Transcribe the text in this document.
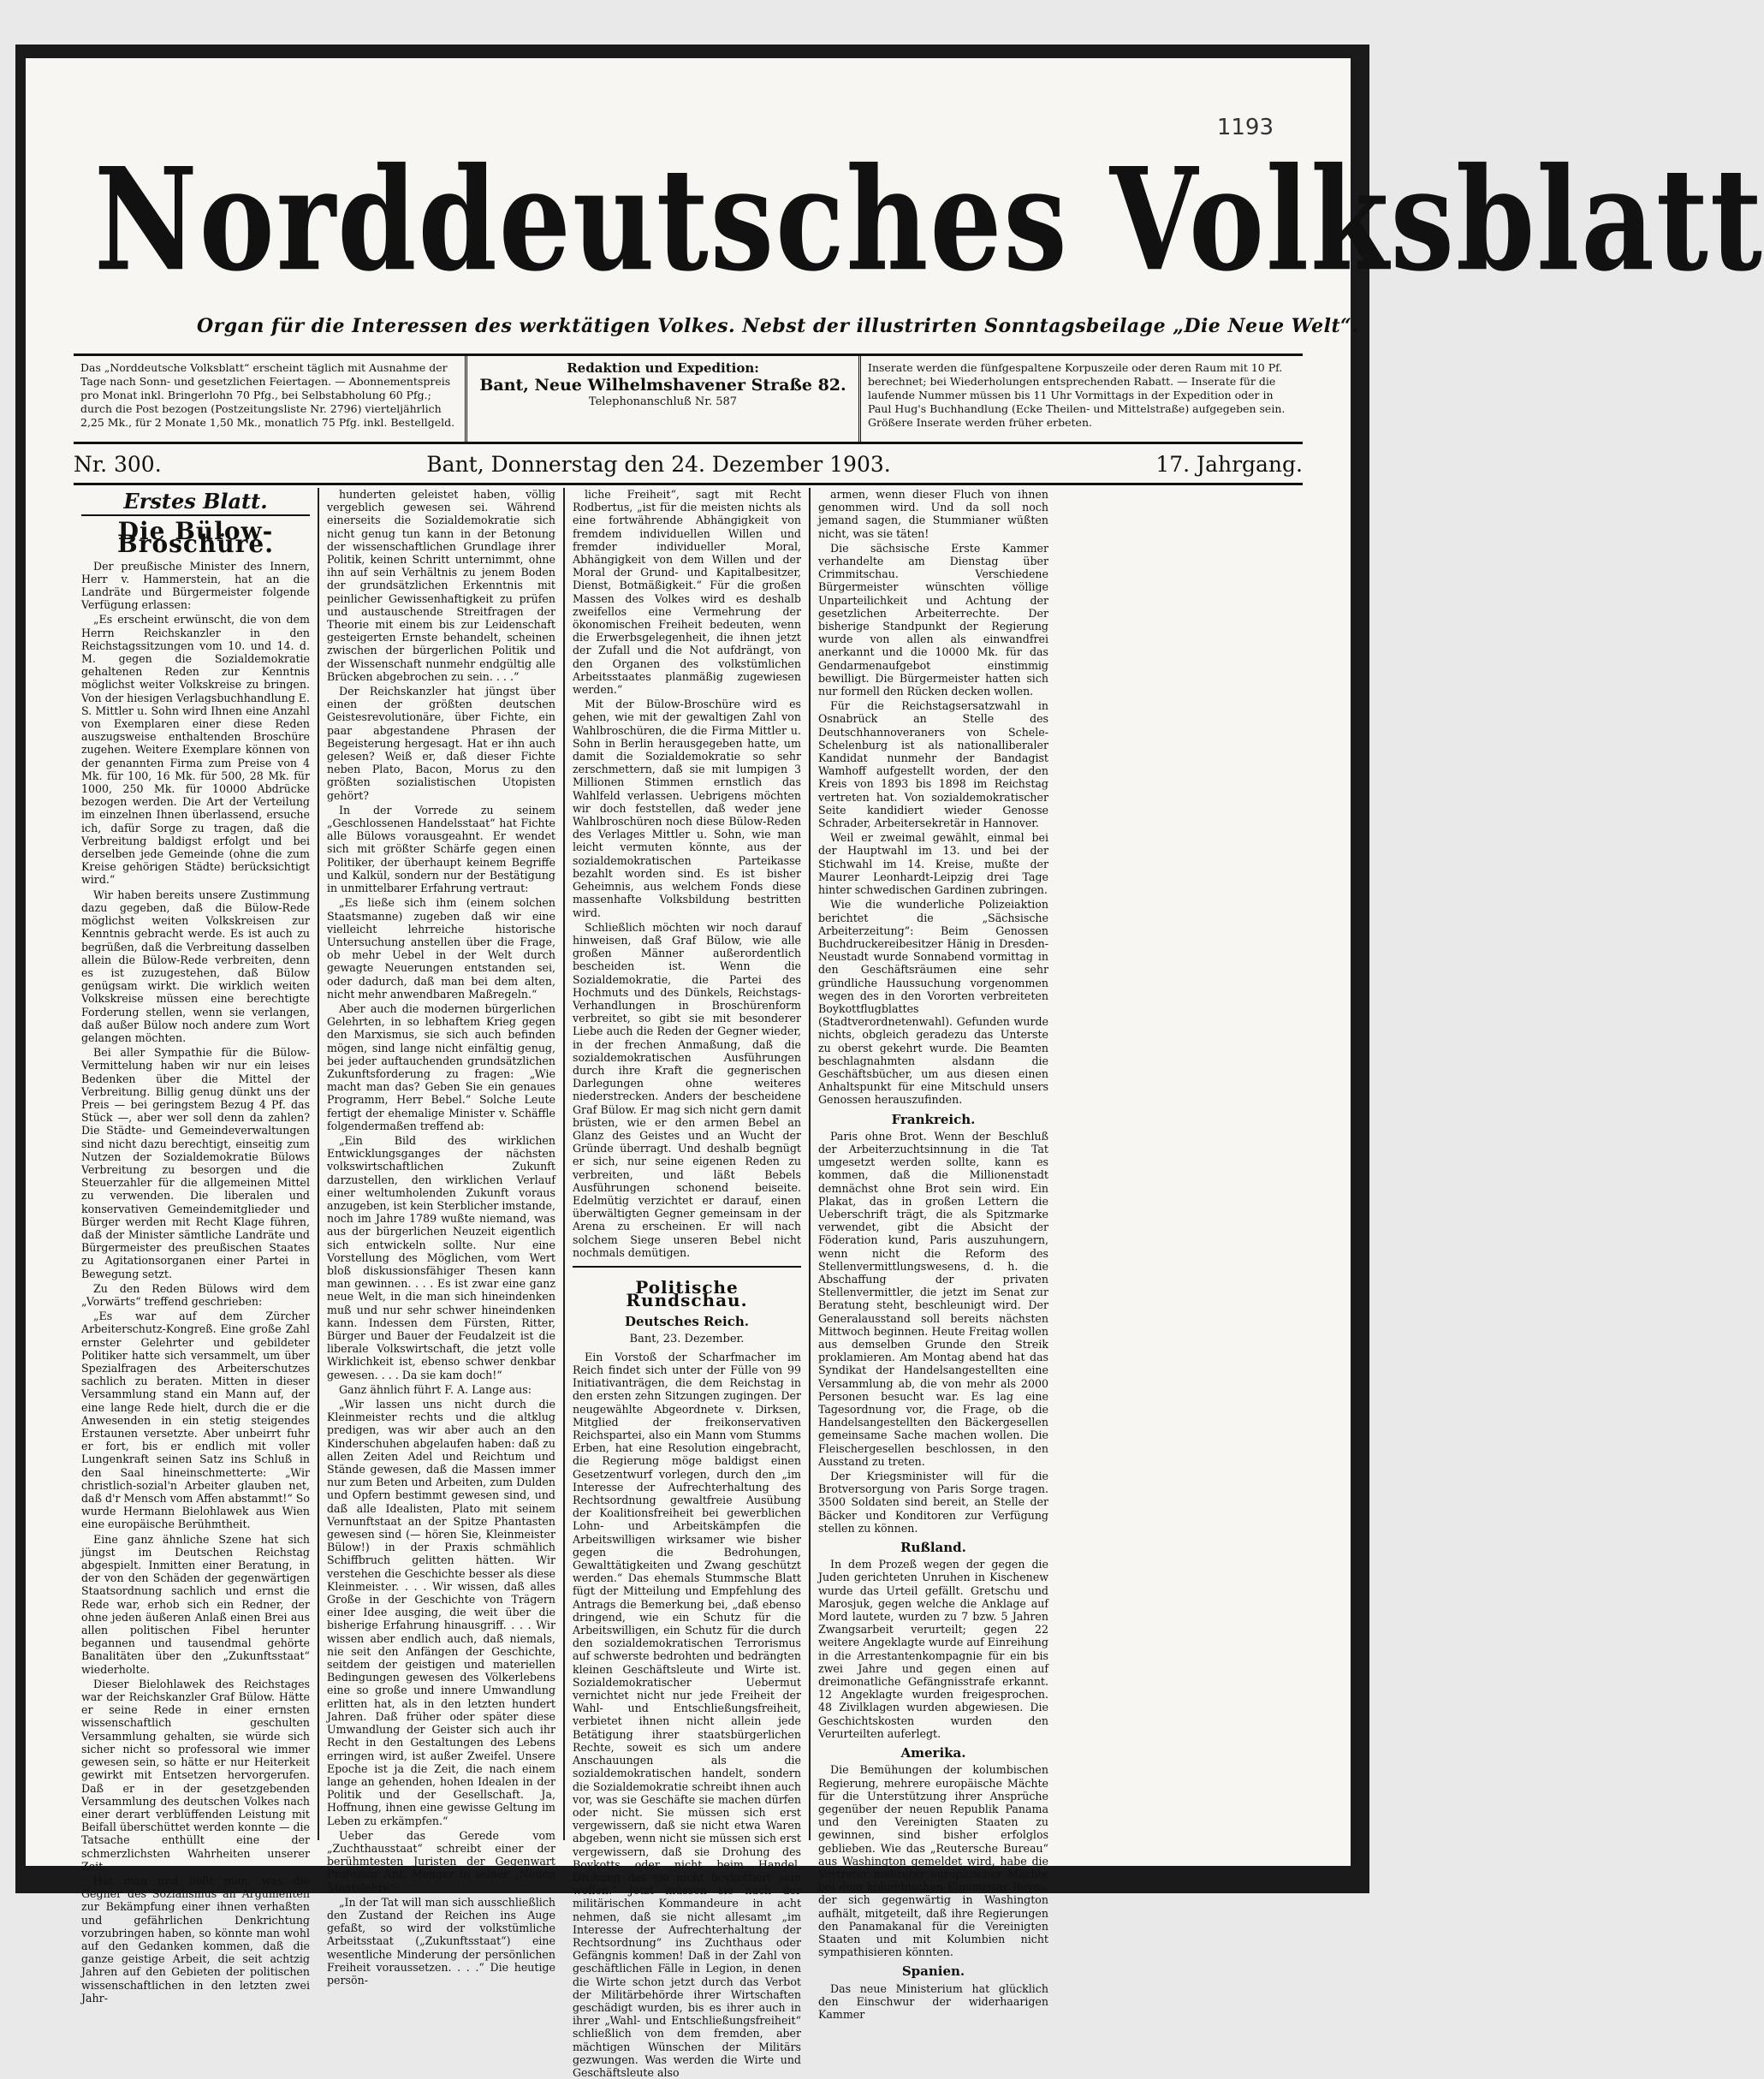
1193
Norddeutsches Volksblatt
Organ für die Interessen des werktätigen Volkes. Nebst der illustrirten Sonntagsbeilage „Die Neue Welt“.
Das „Norddeutsche Volksblatt“ erscheint täglich mit Ausnahme der Tage nach Sonn- und gesetzlichen Feiertagen. — Abonnementspreis pro Monat inkl. Bringerlohn 70 Pfg., bei Selbstabholung 60 Pfg.; durch die Post bezogen (Postzeitungsliste Nr. 2796) vierteljährlich 2,25 Mk., für 2 Monate 1,50 Mk., monatlich 75 Pfg. inkl. Bestellgeld.
Redaktion und Expedition:
Bant, Neue Wilhelmshavener Straße 82.
Telephonanschluß Nr. 587
Inserate werden die fünfgespaltene Korpuszeile oder deren Raum mit 10 Pf. berechnet; bei Wiederholungen entsprechenden Rabatt. — Inserate für die laufende Nummer müssen bis 11 Uhr Vormittags in der Expedition oder in Paul Hug's Buchhandlung (Ecke Theilen- und Mittelstraße) aufgegeben sein. Größere Inserate werden früher erbeten.
Nr. 300.	Bant, Donnerstag den 24. Dezember 1903.	17. Jahrgang.
Erstes Blatt.
Die Bülow-Broschüre.

Der preußische Minister des Innern, Herr v. Hammerstein, hat an die Landräte und Bürgermeister folgende Verfügung erlassen:

„Es erscheint erwünscht, die von dem Herrn Reichskanzler in den Reichstagssitzungen vom 10. und 14. d. M. gegen die Sozialdemokratie gehaltenen Reden zur Kenntnis möglichst weiter Volkskreise zu bringen. Von der hiesigen Verlagsbuchhandlung E. S. Mittler u. Sohn wird Ihnen eine Anzahl von Exemplaren einer diese Reden auszugsweise enthaltenden Broschüre zugehen. Weitere Exemplare können von der genannten Firma zum Preise von 4 Mk. für 100, 16 Mk. für 500, 28 Mk. für 1000, 250 Mk. für 10000 Abdrücke bezogen werden. Die Art der Verteilung im einzelnen Ihnen überlassend, ersuche ich, dafür Sorge zu tragen, daß die Verbreitung baldigst erfolgt und bei derselben jede Gemeinde (ohne die zum Kreise gehörigen Städte) berücksichtigt wird.“

Wir haben bereits unsere Zustimmung dazu gegeben, daß die Bülow-Rede möglichst weiten Volkskreisen zur Kenntnis gebracht werde. Es ist auch zu begrüßen, daß die Verbreitung dasselben allein die Bülow-Rede verbreiten, denn es ist zuzugestehen, daß Bülow genügsam wirkt. Die wirklich weiten Volkskreise müssen eine berechtigte Forderung stellen, wenn sie verlangen, daß außer Bülow noch andere zum Wort gelangen möchten.

Bei aller Sympathie für die Bülow-Vermittelung haben wir nur ein leises Bedenken über die Mittel der Verbreitung. Billig genug dünkt uns der Preis — bei geringstem Bezug 4 Pf. das Stück —, aber wer soll denn da zahlen? Die Städte- und Gemeindeverwaltungen sind nicht dazu berechtigt, einseitig zum Nutzen der Sozialdemokratie Bülows Verbreitung zu besorgen und die Steuerzahler für die allgemeinen Mittel zu verwenden. Die liberalen und konservativen Gemeindemitglieder und Bürger werden mit Recht Klage führen, daß der Minister sämtliche Landräte und Bürgermeister des preußischen Staates zu Agitationsorganen einer Partei in Bewegung setzt.

Zu den Reden Bülows wird dem „Vorwärts“ treffend geschrieben:

„Es war auf dem Zürcher Arbeiterschutz-Kongreß. Eine große Zahl ernster Gelehrter und gebildeter Politiker hatte sich versammelt, um über Spezialfragen des Arbeiterschutzes sachlich zu beraten. Mitten in dieser Versammlung stand ein Mann auf, der eine lange Rede hielt, durch die er die Anwesenden in ein stetig steigendes Erstaunen versetzte. Aber unbeirrt fuhr er fort, bis er endlich mit voller Lungenkraft seinen Satz ins Schluß in den Saal hineinschmetterte: „Wir christlich-sozial'n Arbeiter glauben net, daß d'r Mensch vom Affen abstammt!“ So wurde Hermann Bielohlawek aus Wien eine europäische Berühmtheit.

Eine ganz ähnliche Szene hat sich jüngst im Deutschen Reichstag abgespielt. Inmitten einer Beratung, in der von den Schäden der gegenwärtigen Staatsordnung sachlich und ernst die Rede war, erhob sich ein Redner, der ohne jeden äußeren Anlaß einen Brei aus allen politischen Fibel herunter begannen und tausendmal gehörte Banalitäten über den „Zukunftsstaat“ wiederholte.

Dieser Bielohlawek des Reichstages war der Reichskanzler Graf Bülow. Hätte er seine Rede in einer ernsten wissenschaftlich geschulten Versammlung gehalten, sie würde sich sicher nicht so professoral wie immer gewesen sein, so hätte er nur Heiterkeit gewirkt mit Entsetzen hervorgerufen. Daß er in der gesetzgebenden Versammlung des deutschen Volkes nach einer derart verblüffenden Leistung mit Beifall überschüttet werden konnte — die Tatsache enthüllt eine der schmerzlichsten Wahrheiten unserer Zeit.

Hat man und ließt man, was die Gegner des Sozialismus an Argumenten zur Bekämpfung einer ihnen verhaßten und gefährlichen Denkrichtung vorzubringen haben, so könnte man wohl auf den Gedanken kommen, daß die ganze geistige Arbeit, die seit achtzig Jahren auf den Gebieten der politischen wissenschaftlichen in den letzten zwei Jahr-

hunderten geleistet haben, völlig vergeblich gewesen sei. Während einerseits die Sozialdemokratie sich nicht genug tun kann in der Betonung der wissenschaftlichen Grundlage ihrer Politik, keinen Schritt unternimmt, ohne ihn auf sein Verhältnis zu jenem Boden der grundsätzlichen Erkenntnis mit peinlicher Gewissenhaftigkeit zu prüfen und austauschende Streitfragen der Theorie mit einem bis zur Leidenschaft gesteigerten Ernste behandelt, scheinen zwischen der bürgerlichen Politik und der Wissenschaft nunmehr endgültig alle Brücken abgebrochen zu sein. . . .“

Der Reichskanzler hat jüngst über einen der größten deutschen Geistesrevolutionäre, über Fichte, ein paar abgestandene Phrasen der Begeisterung hergesagt. Hat er ihn auch gelesen? Weiß er, daß dieser Fichte neben Plato, Bacon, Morus zu den größten sozialistischen Utopisten gehört?

In der Vorrede zu seinem „Geschlossenen Handelsstaat“ hat Fichte alle Bülows vorausgeahnt. Er wendet sich mit größter Schärfe gegen einen Politiker, der überhaupt keinem Begriffe und Kalkül, sondern nur der Bestätigung in unmittelbarer Erfahrung vertraut:

„Es ließe sich ihm (einem solchen Staatsmanne) zugeben daß wir eine vielleicht lehrreiche historische Untersuchung anstellen über die Frage, ob mehr Uebel in der Welt durch gewagte Neuerungen entstanden sei, oder dadurch, daß man bei dem alten, nicht mehr anwendbaren Maßregeln.“

Aber auch die modernen bürgerlichen Gelehrten, in so lebhaftem Krieg gegen den Marxismus, sie sich auch befinden mögen, sind lange nicht einfältig genug, bei jeder auftauchenden grundsätzlichen Zukunftsforderung zu fragen: „Wie macht man das? Geben Sie ein genaues Programm, Herr Bebel.“ Solche Leute fertigt der ehemalige Minister v. Schäffle folgendermaßen treffend ab:

„Ein Bild des wirklichen Entwicklungsganges der nächsten volkswirtschaftlichen Zukunft darzustellen, den wirklichen Verlauf einer weltumholenden Zukunft voraus anzugeben, ist kein Sterblicher imstande, noch im Jahre 1789 wußte niemand, was aus der bürgerlichen Neuzeit eigentlich sich entwickeln sollte. Nur eine Vorstellung des Möglichen, vom Wert bloß diskussionsfähiger Thesen kann man gewinnen. . . . Es ist zwar eine ganz neue Welt, in die man sich hineindenken muß und nur sehr schwer hineindenken kann. Indessen dem Fürsten, Ritter, Bürger und Bauer der Feudalzeit ist die liberale Volkswirtschaft, die jetzt volle Wirklichkeit ist, ebenso schwer denkbar gewesen. . . . Da sie kam doch!“

Ganz ähnlich führt F. A. Lange aus:

„Wir lassen uns nicht durch die Kleinmeister rechts und die altklug predigen, was wir aber auch an den Kinderschuhen abgelaufen haben: daß zu allen Zeiten Adel und Reichtum und Stände gewesen, daß die Massen immer nur zum Beten und Arbeiten, zum Dulden und Opfern bestimmt gewesen sind, und daß alle Idealisten, Plato mit seinem Vernunftstaat an der Spitze Phantasten gewesen sind (— hören Sie, Kleinmeister Bülow!) in der Praxis schmählich Schiffbruch gelitten hätten. Wir verstehen die Geschichte besser als diese Kleinmeister. . . . Wir wissen, daß alles Große in der Geschichte von Trägern einer Idee ausging, die weit über die bisherige Erfahrung hinausgriff. . . . Wir wissen aber endlich auch, daß niemals, nie seit den Anfängen der Geschichte, seitdem der geistigen und materiellen Bedingungen gewesen des Völkerlebens eine so große und innere Umwandlung erlitten hat, als in den letzten hundert Jahren. Daß früher oder später diese Umwandlung der Geister sich auch ihr Recht in den Gestaltungen des Lebens erringen wird, ist außer Zweifel. Unsere Epoche ist ja die Zeit, die nach einem lange an gehenden, hohen Idealen in der Politik und der Gesellschaft. Ja, Hoffnung, ihnen eine gewisse Geltung im Leben zu erkämpfen.“

Ueber das Gerede vom „Zuchthausstaat“ schreibt einer der berühmtesten Juristen der Gegenwart Professor Ant. Menger in seiner „Neuen Staatslehre“:

„In der Tat will man sich ausschließlich den Zustand der Reichen ins Auge gefaßt, so wird der volkstümliche Arbeitsstaat („Zukunftsstaat“) eine wesentliche Minderung der persönlichen Freiheit voraussetzen. . . .“ Die heutige persön-

liche Freiheit“, sagt mit Recht Rodbertus, „ist für die meisten nichts als eine fortwährende Abhängigkeit von fremdem individuellen Willen und fremder individueller Moral, Abhängigkeit von dem Willen und der Moral der Grund- und Kapitalbesitzer, Dienst, Botmäßigkeit.“ Für die großen Massen des Volkes wird es deshalb zweifellos eine Vermehrung der ökonomischen Freiheit bedeuten, wenn die Erwerbsgelegenheit, die ihnen jetzt der Zufall und die Not aufdrängt, von den Organen des volkstümlichen Arbeitsstaates planmäßig zugewiesen werden.“

Mit der Bülow-Broschüre wird es gehen, wie mit der gewaltigen Zahl von Wahlbroschüren, die die Firma Mittler u. Sohn in Berlin herausgegeben hatte, um damit die Sozialdemokratie so sehr zerschmettern, daß sie mit lumpigen 3 Millionen Stimmen ernstlich das Wahlfeld verlassen. Uebrigens möchten wir doch feststellen, daß weder jene Wahlbroschüren noch diese Bülow-Reden des Verlages Mittler u. Sohn, wie man leicht vermuten könnte, aus der sozialdemokratischen Parteikasse bezahlt worden sind. Es ist bisher Geheimnis, aus welchem Fonds diese massenhafte Volksbildung bestritten wird.

Schließlich möchten wir noch darauf hinweisen, daß Graf Bülow, wie alle großen Männer außerordentlich bescheiden ist. Wenn die Sozialdemokratie, die Partei des Hochmuts und des Dünkels, Reichstags-Verhandlungen in Broschürenform verbreitet, so gibt sie mit besonderer Liebe auch die Reden der Gegner wieder, in der frechen Anmaßung, daß die sozialdemokratischen Ausführungen durch ihre Kraft die gegnerischen Darlegungen ohne weiteres niederstrecken. Anders der bescheidene Graf Bülow. Er mag sich nicht gern damit brüsten, wie er den armen Bebel an Glanz des Geistes und an Wucht der Gründe überragt. Und deshalb begnügt er sich, nur seine eigenen Reden zu verbreiten, und läßt Bebels Ausführungen schonend beiseite. Edelmütig verzichtet er darauf, einen überwältigten Gegner gemeinsam in der Arena zu erscheinen. Er will nach solchem Siege unseren Bebel nicht nochmals demütigen.

Politische Rundschau.
Deutsches Reich.
Bant, 23. Dezember.

Ein Vorstoß der Scharfmacher im Reich findet sich unter der Fülle von 99 Initiativanträgen, die dem Reichstag in den ersten zehn Sitzungen zugingen. Der neugewählte Abgeordnete v. Dirksen, Mitglied der freikonservativen Reichspartei, also ein Mann vom Stumms Erben, hat eine Resolution eingebracht, die Regierung möge baldigst einen Gesetzentwurf vorlegen, durch den „im Interesse der Aufrechterhaltung des Rechtsordnung gewaltfreie Ausübung der Koalitionsfreiheit bei gewerblichen Lohn- und Arbeitskämpfen die Arbeitswilligen wirksamer wie bisher gegen die Bedrohungen, Gewalttätigkeiten und Zwang geschützt werden.“ Das ehemals Stummsche Blatt fügt der Mitteilung und Empfehlung des Antrags die Bemerkung bei, „daß ebenso dringend, wie ein Schutz für die Arbeitswilligen, ein Schutz für die durch den sozialdemokratischen Terrorismus auf schwerste bedrohten und bedrängten kleinen Geschäftsleute und Wirte ist. Sozialdemokratischer Uebermut vernichtet nicht nur jede Freiheit der Wahl- und Entschließungsfreiheit, verbietet ihnen nicht allein jede Betätigung ihrer staatsbürgerlichen Rechte, soweit es sich um andere Anschauungen als die sozialdemokratischen handelt, sondern die Sozialdemokratie schreibt ihnen auch vor, was sie Geschäfte sie machen dürfen oder nicht. Sie müssen sich erst vergewissern, daß sie nicht etwa Waren abgeben, wenn nicht sie müssen sich erst vergewissern, daß sie Drohung des Boykotts oder nicht beim Handel, Drohung das sie nicht boykottiert sein wollen.“ Jetzt müssen sie nach der militärischen Kommandeure in acht nehmen, daß sie nicht allesamt „im Interesse der Aufrechterhaltung der Rechtsordnung“ ins Zuchthaus oder Gefängnis kommen! Daß in der Zahl von geschäftlichen Fälle in Legion, in denen die Wirte schon jetzt durch das Verbot der Militärbehörde ihrer Wirtschaften geschädigt wurden, bis es ihrer auch in ihrer „Wahl- und Entschließungsfreiheit“ schließlich von dem fremden, aber mächtigen Wünschen der Militärs gezwungen. Was werden die Wirte und Geschäftsleute also

armen, wenn dieser Fluch von ihnen genommen wird. Und da soll noch jemand sagen, die Stummianer wüßten nicht, was sie täten!

Die sächsische Erste Kammer verhandelte am Dienstag über Crimmitschau. Verschiedene Bürgermeister wünschten völlige Unparteilichkeit und Achtung der gesetzlichen Arbeiterrechte. Der bisherige Standpunkt der Regierung wurde von allen als einwandfrei anerkannt und die 10000 Mk. für das Gendarmenaufgebot einstimmig bewilligt. Die Bürgermeister hatten sich nur formell den Rücken decken wollen.

Für die Reichstagsersatzwahl in Osnabrück an Stelle des Deutschhannoveraners von Schele-Schelenburg ist als nationalliberaler Kandidat nunmehr der Bandagist Wamhoff aufgestellt worden, der den Kreis von 1893 bis 1898 im Reichstag vertreten hat. Von sozialdemokratischer Seite kandidiert wieder Genosse Schrader, Arbeitersekretär in Hannover.

Weil er zweimal gewählt, einmal bei der Hauptwahl im 13. und bei der Stichwahl im 14. Kreise, mußte der Maurer Leonhardt-Leipzig drei Tage hinter schwedischen Gardinen zubringen.

Wie die wunderliche Polizeiaktion berichtet die „Sächsische Arbeiterzeitung“: Beim Genossen Buchdruckereibesitzer Hänig in Dresden-Neustadt wurde Sonnabend vormittag in den Geschäftsräumen eine sehr gründliche Haussuchung vorgenommen wegen des in den Vororten verbreiteten Boykottflugblattes (Stadtverordnetenwahl). Gefunden wurde nichts, obgleich geradezu das Unterste zu oberst gekehrt wurde. Die Beamten beschlagnahmten alsdann die Geschäftsbücher, um aus diesen einen Anhaltspunkt für eine Mitschuld unsers Genossen herauszufinden.

Frankreich.

Paris ohne Brot. Wenn der Beschluß der Arbeiterzuchtsinnung in die Tat umgesetzt werden sollte, kann es kommen, daß die Millionenstadt demnächst ohne Brot sein wird. Ein Plakat, das in großen Lettern die Ueberschrift trägt, die als Spitzmarke verwendet, gibt die Absicht der Föderation kund, Paris auszuhungern, wenn nicht die Reform des Stellenvermittlungswesens, d. h. die Abschaffung der privaten Stellenvermittler, die jetzt im Senat zur Beratung steht, beschleunigt wird. Der Generalausstand soll bereits nächsten Mittwoch beginnen. Heute Freitag wollen aus demselben Grunde den Streik proklamieren. Am Montag abend hat das Syndikat der Handelsangestellten eine Versammlung ab, die von mehr als 2000 Personen besucht war. Es lag eine Tagesordnung vor, die Frage, ob die Handelsangestellten den Bäckergesellen gemeinsame Sache machen wollen. Die Fleischergesellen beschlossen, in den Ausstand zu treten.

Der Kriegsminister will für die Brotversorgung von Paris Sorge tragen. 3500 Soldaten sind bereit, an Stelle der Bäcker und Konditoren zur Verfügung stellen zu können.

Rußland.

In dem Prozeß wegen der gegen die Juden gerichteten Unruhen in Kischenew wurde das Urteil gefällt. Gretschu und Marosjuk, gegen welche die Anklage auf Mord lautete, wurden zu 7 bzw. 5 Jahren Zwangsarbeit verurteilt; gegen 22 weitere Angeklagte wurde auf Einreihung in die Arrestantenkompagnie für ein bis zwei Jahre und gegen einen auf dreimonatliche Gefängnisstrafe erkannt. 12 Angeklagte wurden freigesprochen. 48 Zivilklagen wurden abgewiesen. Die Geschichtskosten wurden den Verurteilten auferlegt.

Amerika.

Die Bemühungen der kolumbischen Regierung, mehrere europäische Mächte für die Unterstützung ihrer Ansprüche gegenüber der neuen Republik Panama und den Vereinigten Staaten zu gewinnen, sind bisher erfolglos geblieben. Wie das „Reutersche Bureau“ aus Washington gemeldet wird, habe die Vertreter mehrerer europäischer Mächte bei dem kolumbischen Kommissar Reyes, der sich gegenwärtig in Washington aufhält, mitgeteilt, daß ihre Regierungen den Panamakanal für die Vereinigten Staaten und mit Kolumbien nicht sympathisieren könnten.

Spanien.

Das neue Ministerium hat glücklich den Einschwur der widerhaarigen Kammer
